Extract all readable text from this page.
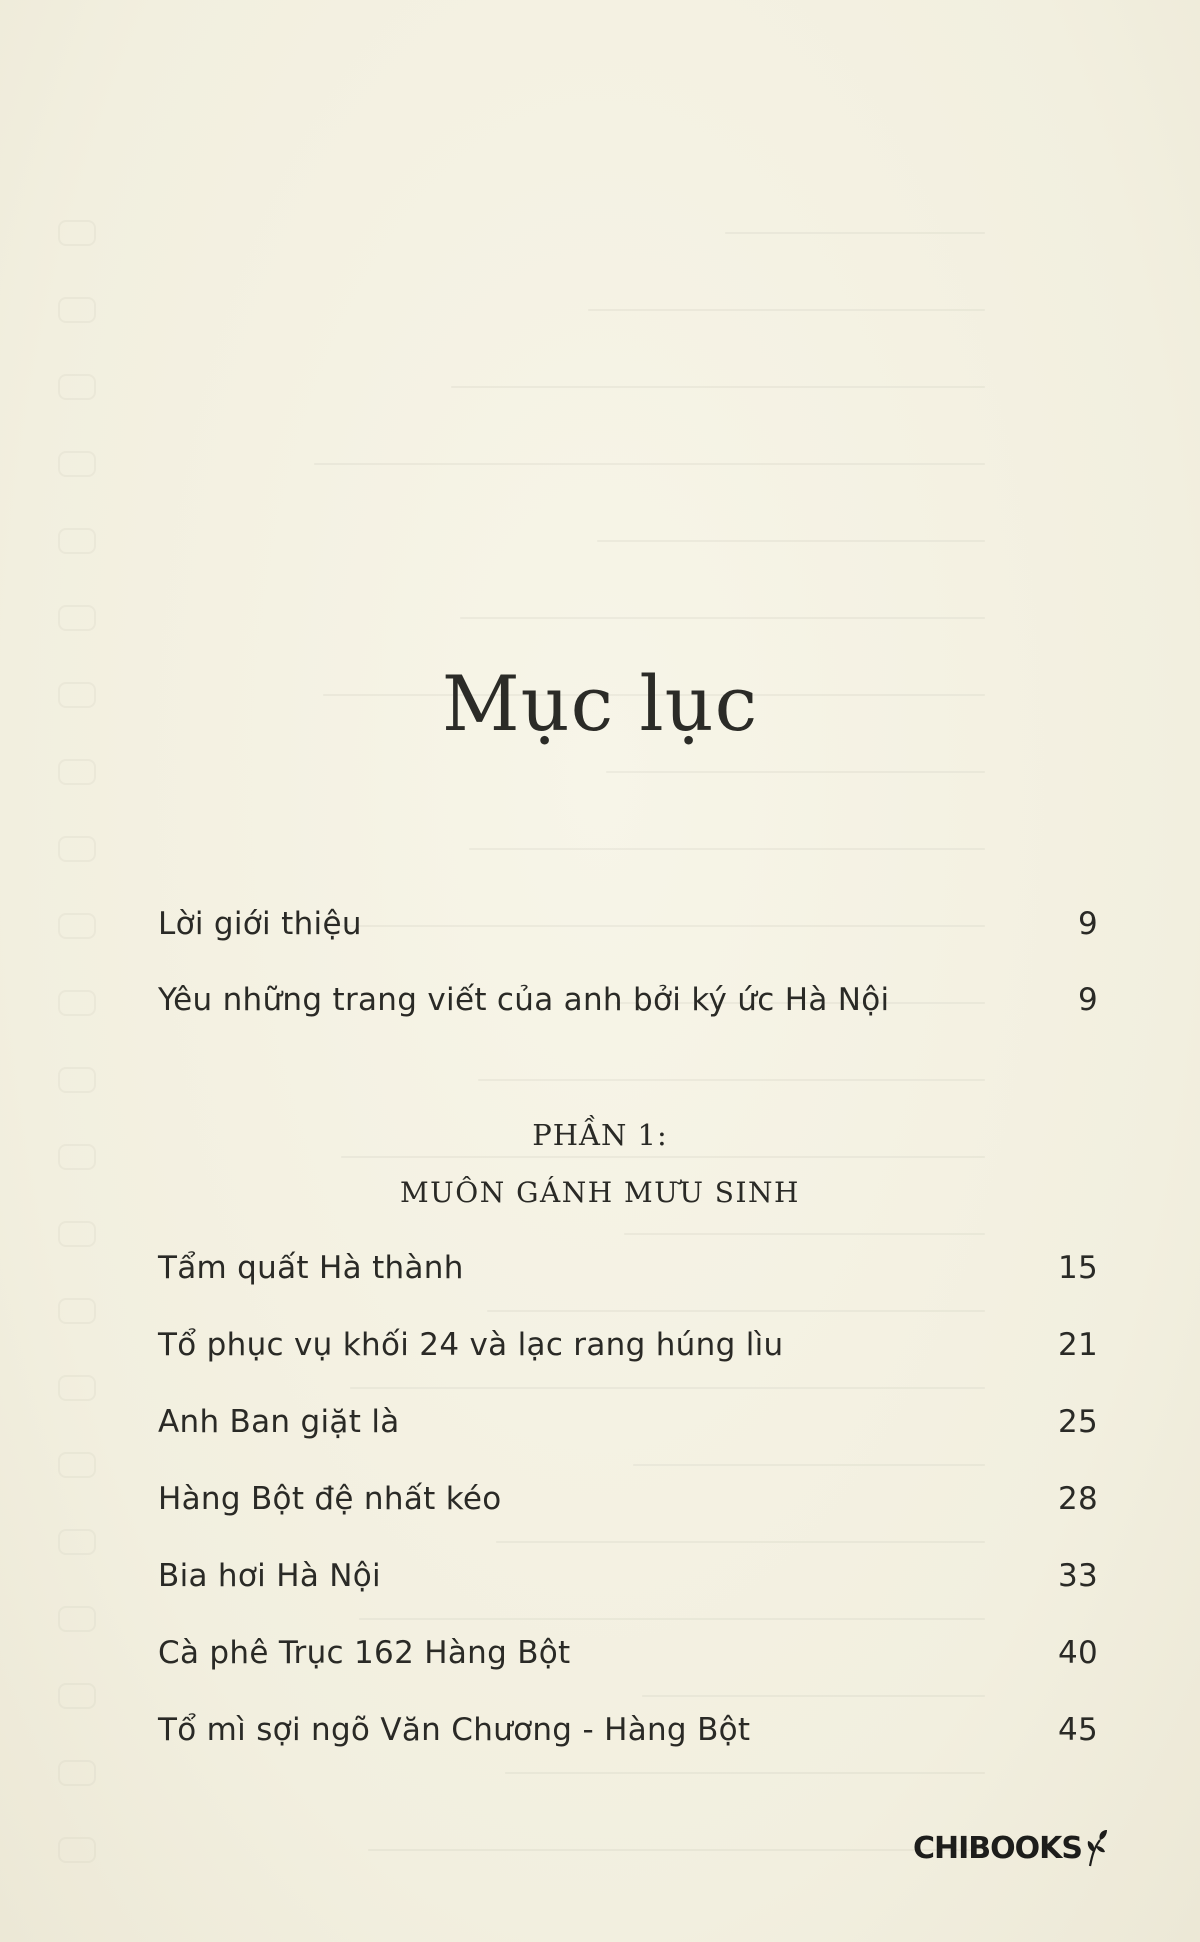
Mục lục
Lời giới thiệu	9
Yêu những trang viết của anh bởi ký ức Hà Nội	9
PHẦN 1:
MUÔN GÁNH MƯU SINH
Tẩm quất Hà thành	15
Tổ phục vụ khối 24 và lạc rang húng lìu	21
Anh Ban giặt là	25
Hàng Bột đệ nhất kéo	28
Bia hơi Hà Nội	33
Cà phê Trục 162 Hàng Bột	40
Tổ mì sợi ngõ Văn Chương - Hàng Bột	45
CHIBOOKS
